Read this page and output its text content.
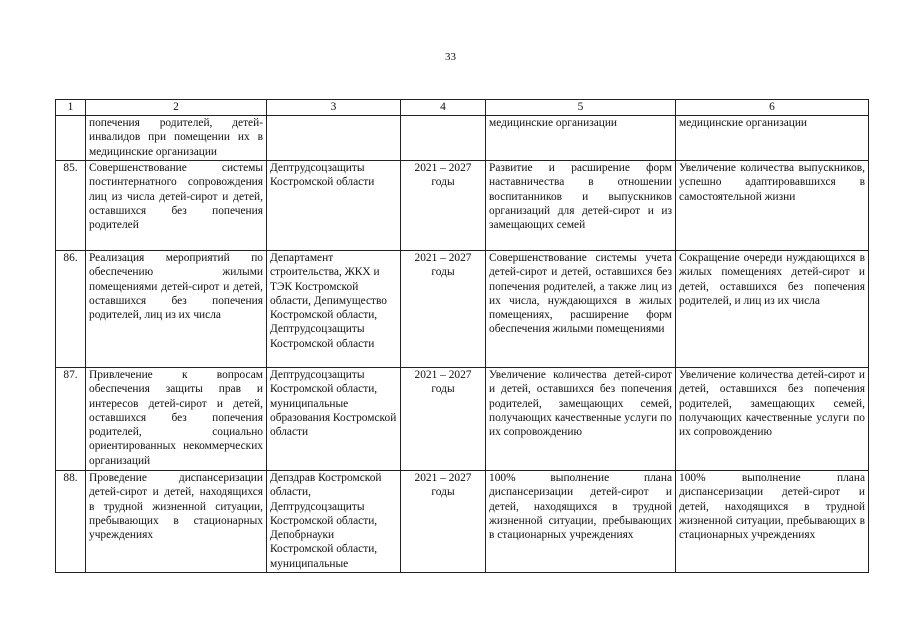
33
1	2	3	4	5	6
	попечения родителей, детей-инвалидов при помещении их в медицинские организации			медицинские организации	медицинские организации
85.	Совершенствование системы постинтернатного сопровождения лиц из числа детей-сирот и детей, оставшихся без попечения родителей	Дептрудсоцзащиты Костромской области	2021 – 2027 годы	Развитие и расширение форм наставничества в отношении воспитанников и выпускников организаций для детей-сирот и из замещающих семей	Увеличение количества выпускников, успешно адаптировавшихся в самостоятельной жизни
86.	Реализация мероприятий по обеспечению жилыми помещениями детей-сирот и детей, оставшихся без попечения родителей, лиц из их числа	Департамент строительства, ЖКХ и ТЭК Костромской области, Депимущество Костромской области, Дептрудсоцзащиты Костромской области	2021 – 2027 годы	Совершенствование системы учета детей-сирот и детей, оставшихся без попечения родителей, а также лиц из их числа, нуждающихся в жилых помещениях, расширение форм обеспечения жилыми помещениями	Сокращение очереди нуждающихся в жилых помещениях детей-сирот и детей, оставшихся без попечения родителей, и лиц из их числа
87.	Привлечение к вопросам обеспечения защиты прав и интересов детей-сирот и детей, оставшихся без попечения родителей, социально ориентированных некоммерческих организаций	Дептрудсоцзащиты Костромской области, муниципальные образования Костромской области	2021 – 2027 годы	Увеличение количества детей-сирот и детей, оставшихся без попечения родителей, замещающих семей, получающих качественные услуги по их сопровождению	Увеличение количества детей-сирот и детей, оставшихся без попечения родителей, замещающих семей, получающих качественные услуги по их сопровождению
88.	Проведение диспансеризации детей-сирот и детей, находящихся в трудной жизненной ситуации, пребывающих в стационарных учреждениях	Депздрав Костромской области, Дептрудсоцзащиты Костромской области, Депобрнауки Костромской области, муниципальные	2021 – 2027 годы	100% выполнение плана диспансеризации детей-сирот и детей, находящихся в трудной жизненной ситуации, пребывающих в стационарных учреждениях	100% выполнение плана диспансеризации детей-сирот и детей, находящихся в трудной жизненной ситуации, пребывающих в стационарных учреждениях
